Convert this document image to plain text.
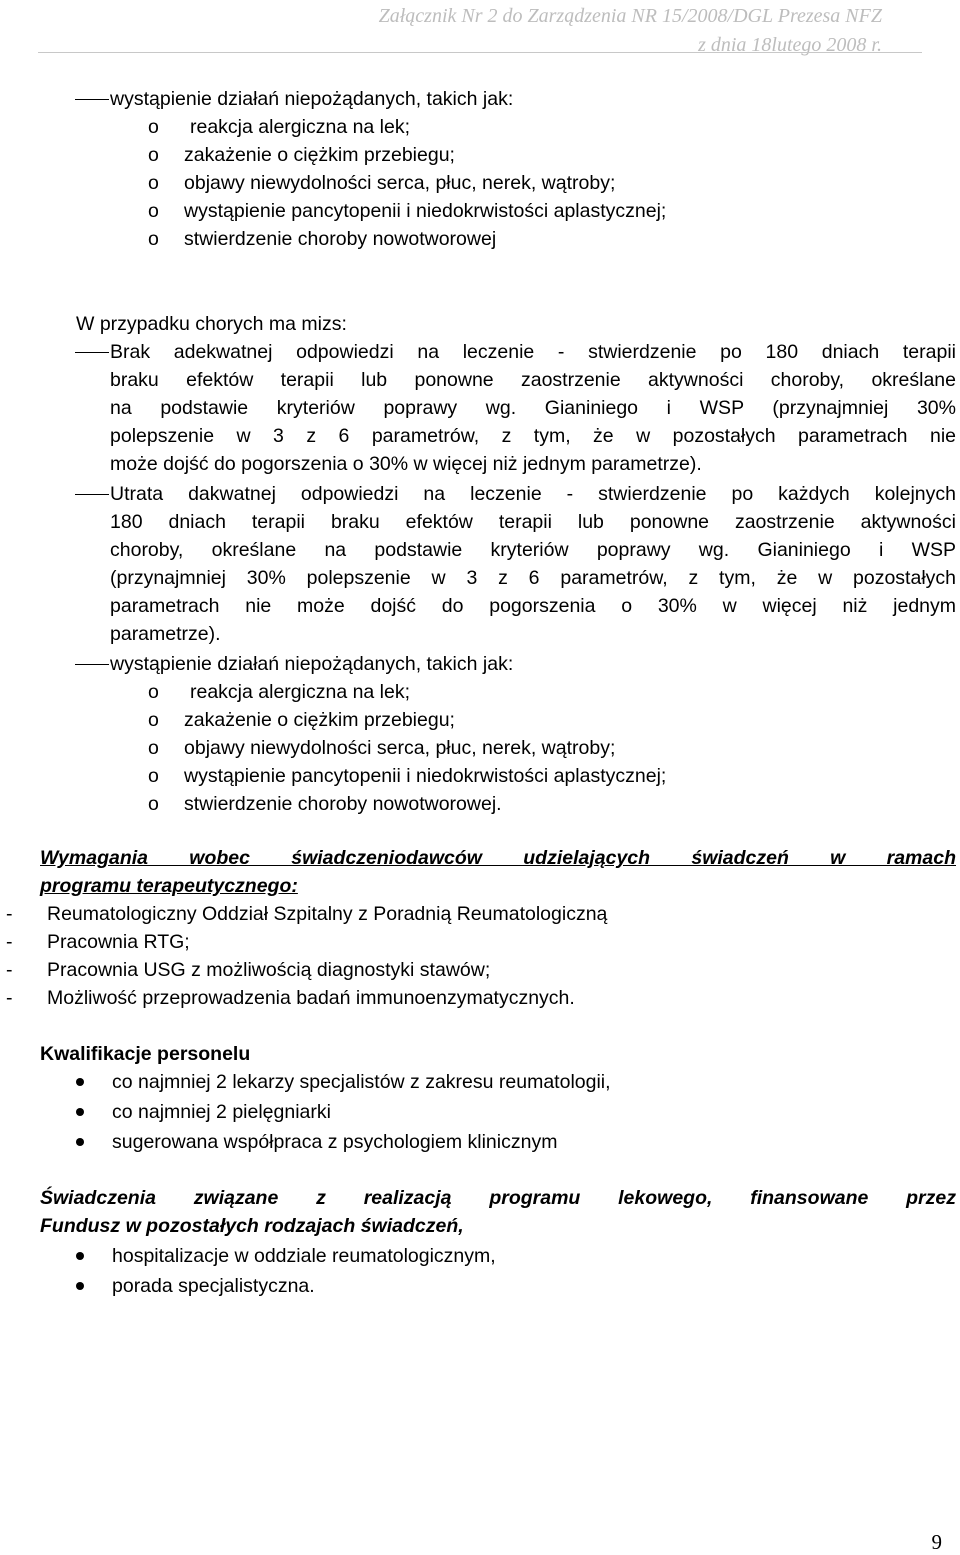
Załącznik Nr 2 do Zarządzenia NR 15/2008/DGL Prezesa NFZ
z dnia 18lutego 2008 r.
wystąpienie działań niepożądanych, takich jak:
o reakcja alergiczna na lek;
o zakażenie o ciężkim przebiegu;
o objawy niewydolności serca, płuc, nerek, wątroby;
o wystąpienie pancytopenii i niedokrwistości aplastycznej;
o stwierdzenie choroby nowotworowej
W przypadku chorych ma mizs:
Brak adekwatnej odpowiedzi na leczenie - stwierdzenie po 180 dniach terapii
braku efektów terapii lub ponowne zaostrzenie aktywności choroby, określane
na podstawie kryteriów poprawy wg. Gianiniego i WSP (przynajmniej 30%
polepszenie w 3 z 6 parametrów, z tym, że w pozostałych parametrach nie
może dojść do pogorszenia o 30% w więcej niż jednym parametrze).
Utrata dakwatnej odpowiedzi na leczenie - stwierdzenie po każdych kolejnych
180 dniach terapii braku efektów terapii lub ponowne zaostrzenie aktywności
choroby, określane na podstawie kryteriów poprawy wg. Gianiniego i WSP
(przynajmniej 30% polepszenie w 3 z 6 parametrów, z tym, że w pozostałych
parametrach nie może dojść do pogorszenia o 30% w więcej niż jednym
parametrze).
wystąpienie działań niepożądanych, takich jak:
o reakcja alergiczna na lek;
o zakażenie o ciężkim przebiegu;
o objawy niewydolności serca, płuc, nerek, wątroby;
o wystąpienie pancytopenii i niedokrwistości aplastycznej;
o stwierdzenie choroby nowotworowej.
Wymagania wobec świadczeniodawców udzielających świadczeń w ramach
programu terapeutycznego:
- Reumatologiczny Oddział Szpitalny z Poradnią Reumatologiczną
- Pracownia RTG;
- Pracownia USG z możliwością diagnostyki stawów;
- Możliwość przeprowadzenia badań immunoenzymatycznych.
Kwalifikacje personelu
co najmniej 2 lekarzy specjalistów z zakresu reumatologii,
co najmniej 2 pielęgniarki
sugerowana współpraca z psychologiem klinicznym
Świadczenia związane z realizacją programu lekowego, finansowane przez
Fundusz w pozostałych rodzajach świadczeń,
hospitalizacje w oddziale reumatologicznym,
porada specjalistyczna.
9
